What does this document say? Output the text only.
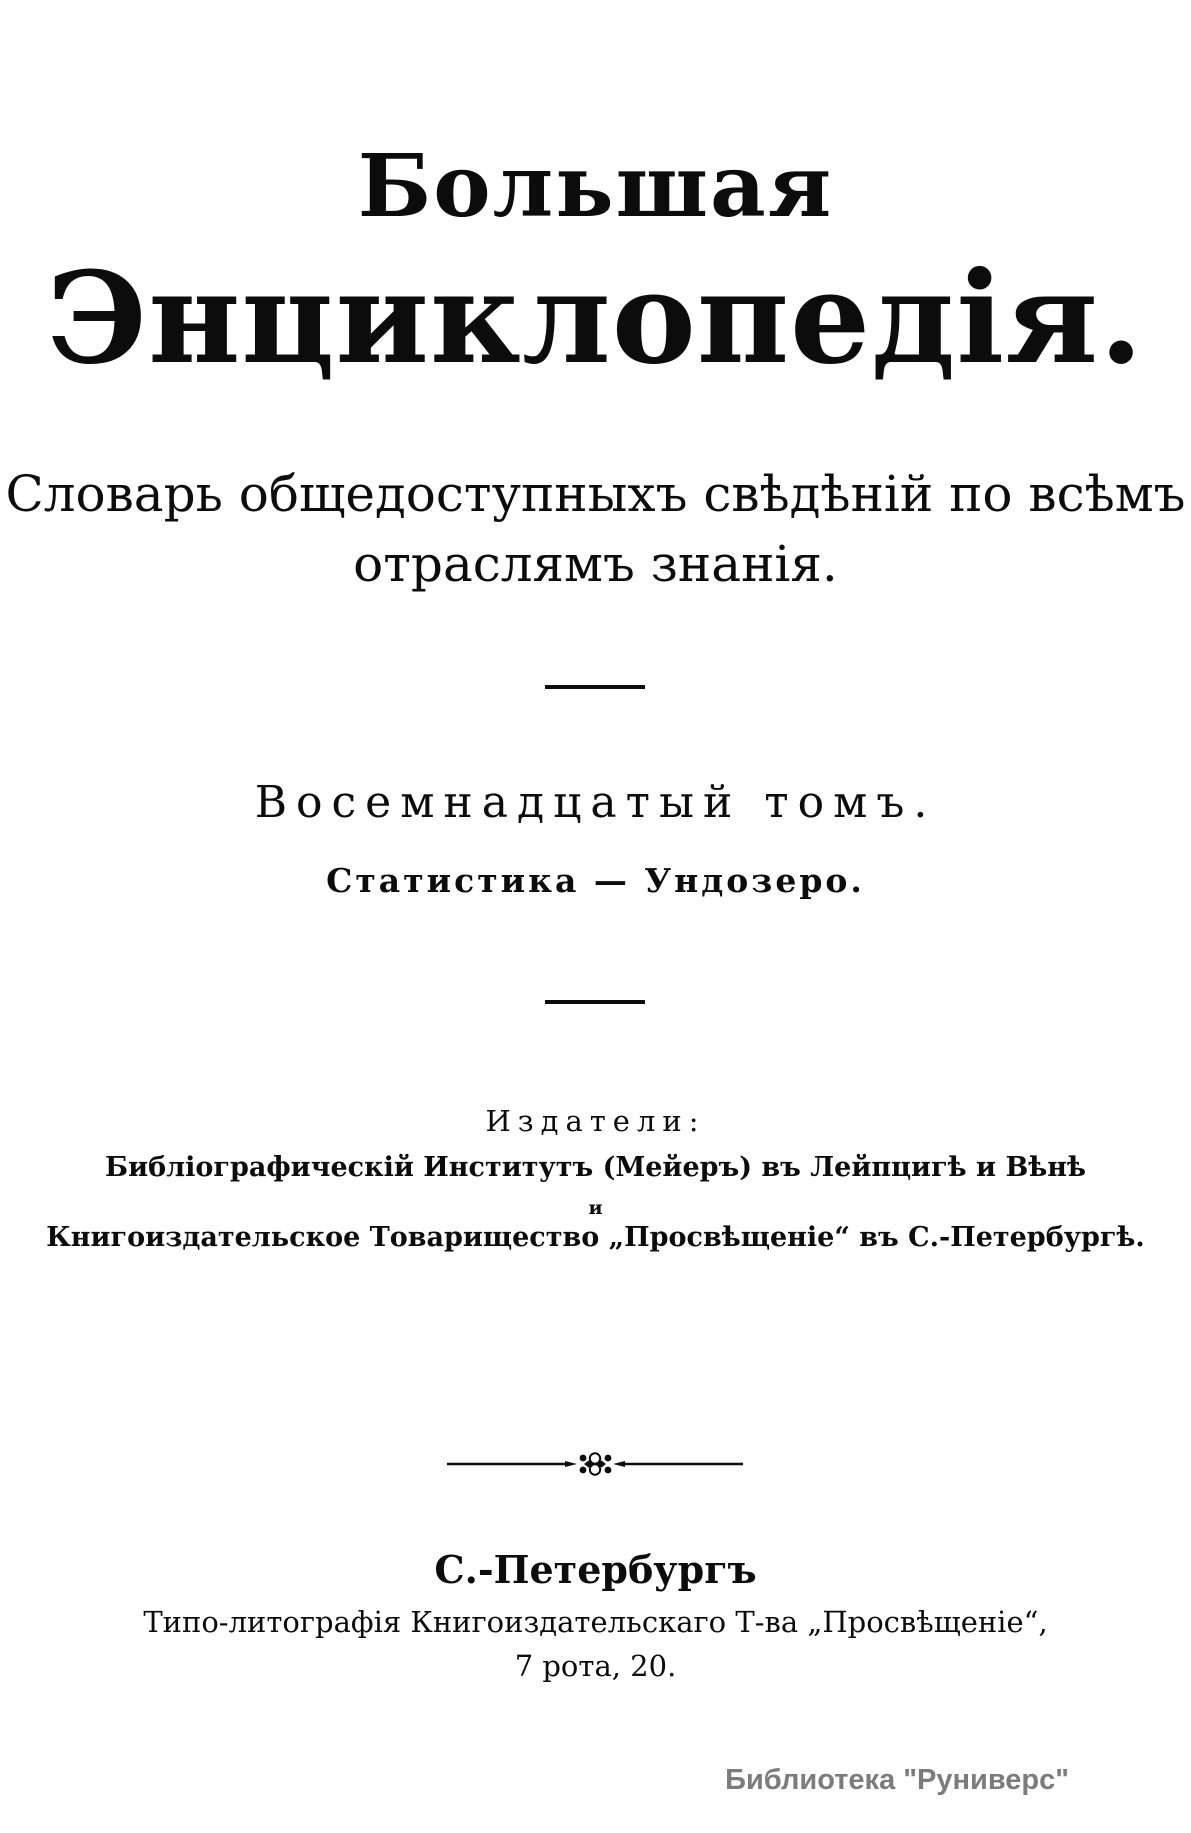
Большая
Энциклопедія.
Словарь общедоступныхъ свѣдѣній по всѣмъ
отраслямъ знанія.
Восемнадцатый томъ.
Статистика — Ундозеро.
Издатели:
Библіографическій Институтъ (Мейеръ) въ Лейпцигѣ и Вѣнѣ
и
Книгоиздательское Товарищество „Просвѣщеніе“ въ С.-Петербургѣ.
С.-Петербургъ
Типо-литографія Книгоиздательскаго Т-ва „Просвѣщеніе“,
7 рота, 20.
Библиотека "Руниверс"
